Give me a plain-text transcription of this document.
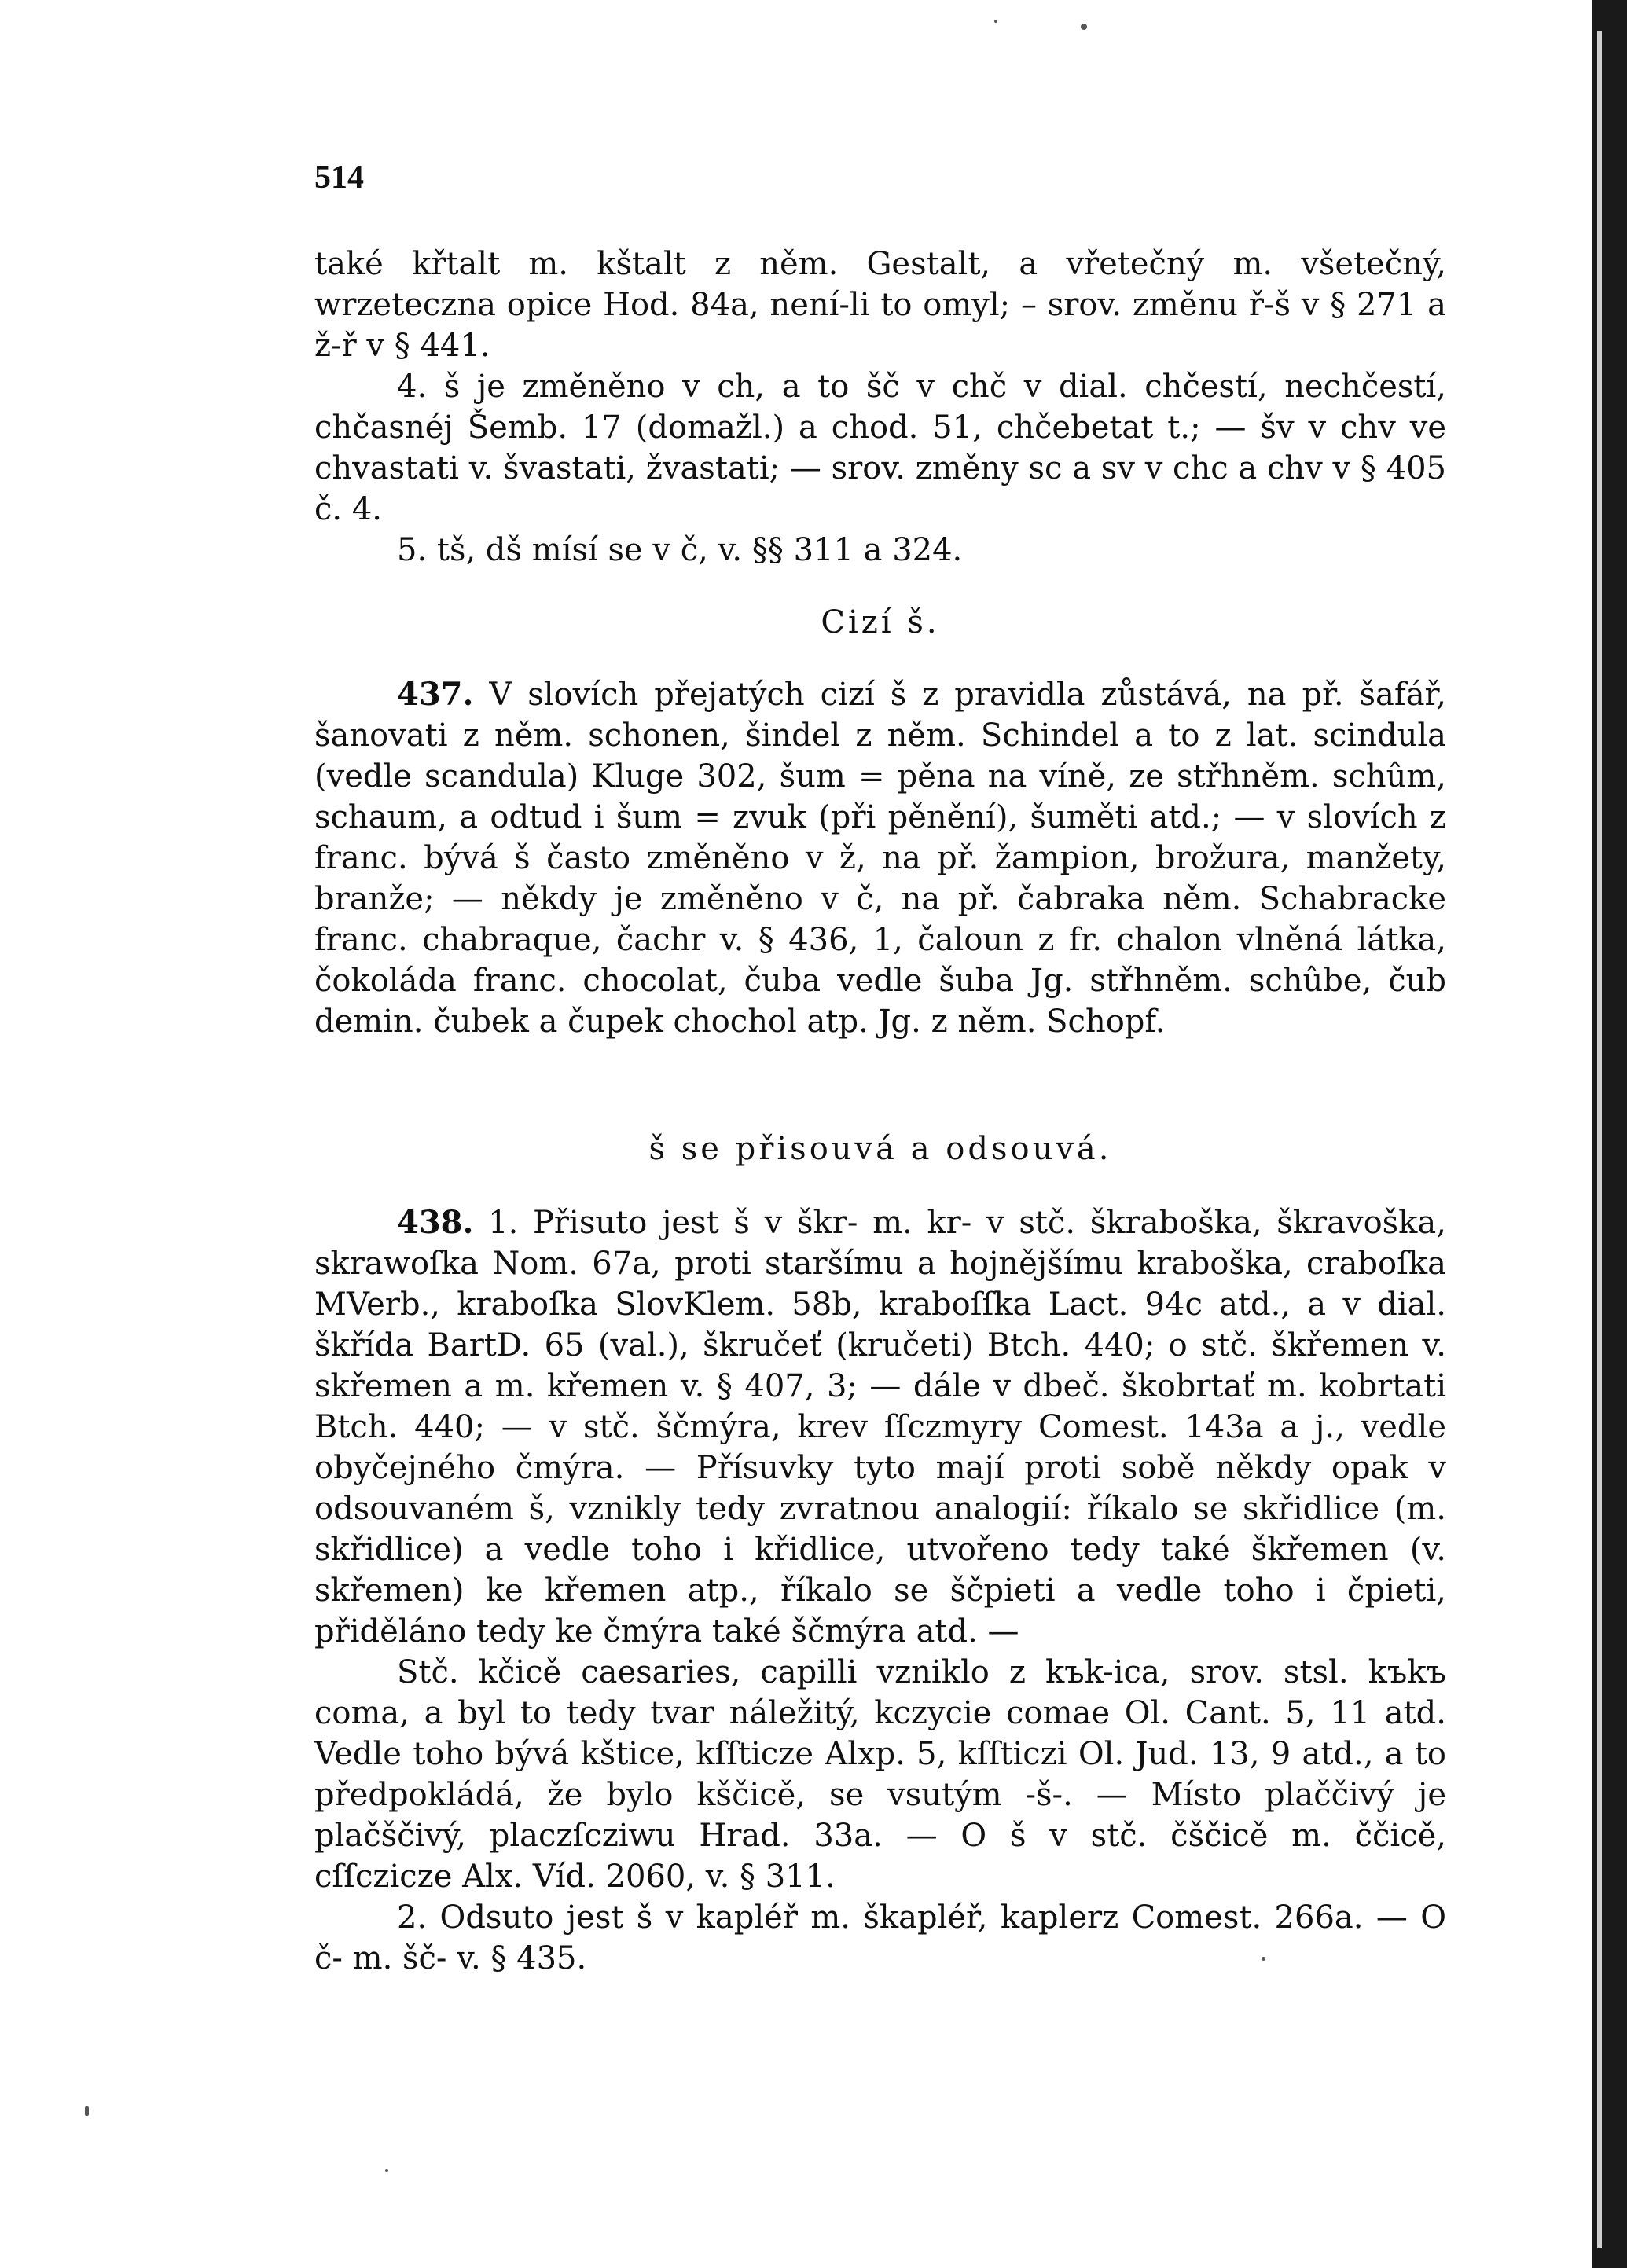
514

také křtalt m. kštalt z něm. Gestalt, a vřetečný m. všetečný, wrzeteczna opice Hod. 84a, není-li to omyl; – srov. změnu ř-š v § 271 a ž-ř v § 441.

4. š je změněno v ch, a to šč v chč v dial. chčestí, nechčestí, chčasnéj Šemb. 17 (domažl.) a chod. 51, chčebetat t.; — šv v chv ve chvastati v. švastati, žvastati; — srov. změny sc a sv v chc a chv v § 405 č. 4.

5. tš, dš mísí se v č, v. §§ 311 a 324.

Cizí š.

437. V slovích přejatých cizí š z pravidla zůstává, na př. šafář, šanovati z něm. schonen, šindel z něm. Schindel a to z lat. scindula (vedle scandula) Kluge 302, šum = pěna na víně, ze střhněm. schûm, schaum, a odtud i šum = zvuk (při pěnění), šuměti atd.; — v slovích z franc. bývá š často změněno v ž, na př. žampion, brožura, manžety, branže; — někdy je změněno v č, na př. čabraka něm. Schabracke franc. chabraque, čachr v. § 436, 1, čaloun z fr. chalon vlněná látka, čokoláda franc. chocolat, čuba vedle šuba Jg. střhněm. schûbe, čub demin. čubek a čupek chochol atp. Jg. z něm. Schopf.

š se přisouvá a odsouvá.

438. 1. Přisuto jest š v škr- m. kr- v stč. škraboška, škravoška, skrawoſka Nom. 67a, proti staršímu a hojnějšímu kraboška, craboſka MVerb., kraboſka SlovKlem. 58b, kraboſſka Lact. 94c atd., a v dial. škřída BartD. 65 (val.), škručeť (kručeti) Btch. 440; o stč. škřemen v. skřemen a m. křemen v. § 407, 3; — dále v dbeč. škobrtať m. kobrtati Btch. 440; — v stč. ščmýra, krev ſſczmyry Comest. 143a a j., vedle obyčejného čmýra. — Přísuvky tyto mají proti sobě někdy opak v odsouvaném š, vznikly tedy zvratnou analogií: říkalo se skřidlice (m. skřidlice) a vedle toho i křidlice, utvořeno tedy také škřemen (v. skřemen) ke křemen atp., říkalo se ščpieti a vedle toho i čpieti, přiděláno tedy ke čmýra také ščmýra atd. —

Stč. kčicě caesaries, capilli vzniklo z kъk-ica, srov. stsl. kъkъ coma, a byl to tedy tvar náležitý, kczycie comae Ol. Cant. 5, 11 atd. Vedle toho bývá kštice, kſſticze Alxp. 5, kſſticzi Ol. Jud. 13, 9 atd., a to předpokládá, že bylo kščicě, se vsutým -š-. — Místo plaččivý je plačščivý, placzſcziwu Hrad. 33a. — O š v stč. čščicě m. ččicě, cſſczicze Alx. Víd. 2060, v. § 311.

2. Odsuto jest š v kapléř m. škapléř, kaplerz Comest. 266a. — O č- m. šč- v. § 435.
